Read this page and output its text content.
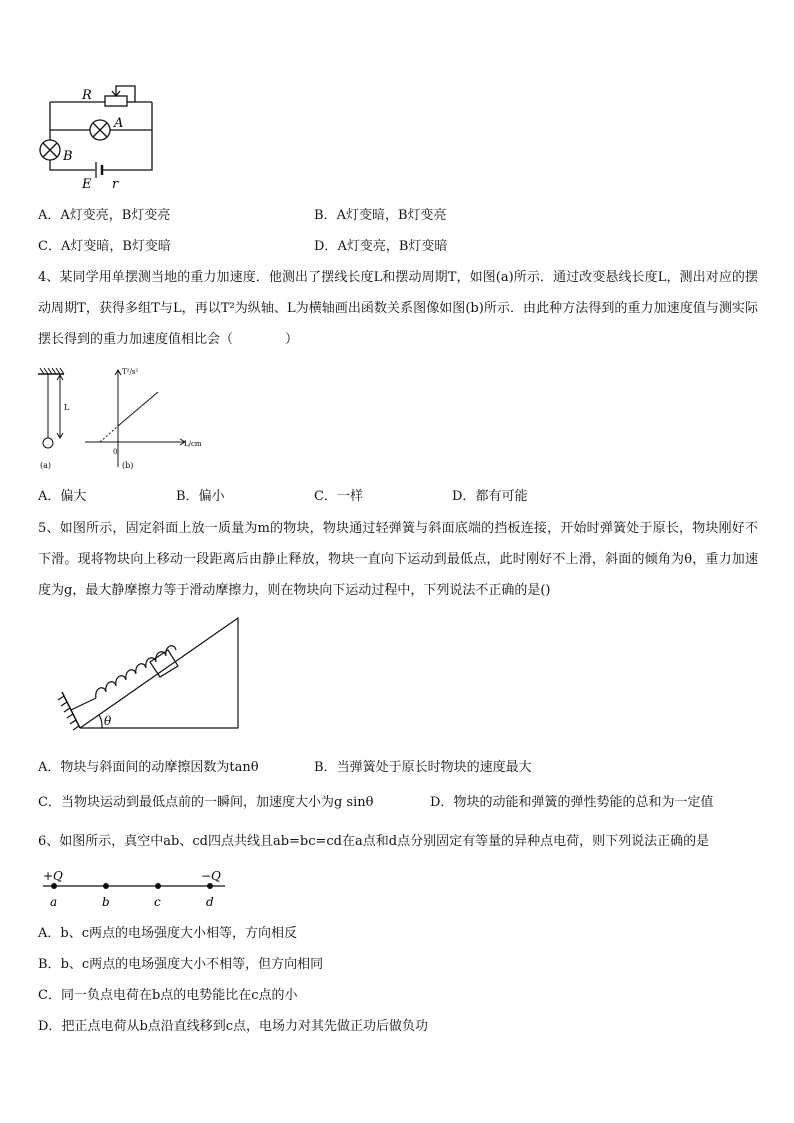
R
A
B
E r
A．A灯变亮，B灯变亮	B．A灯变暗，B灯变亮
C．A灯变暗，B灯变暗	D．A灯变亮，B灯变暗
4、某同学用单摆测当地的重力加速度．他测出了摆线长度L和摆动周期T，如图(a)所示．通过改变悬线长度L，测出对应的摆动周期T，获得多组T与L，再以T²为纵轴、L为横轴画出函数关系图像如图(b)所示．由此种方法得到的重力加速度值与测实际摆长得到的重力加速度值相比会（　　　　）
L
(a)	(b)
T²/s²
L/cm
0
A．偏大	B．偏小	C．一样	D．都有可能
5、如图所示，固定斜面上放一质量为m的物块，物块通过轻弹簧与斜面底端的挡板连接，开始时弹簧处于原长，物块刚好不下滑。现将物块向上移动一段距离后由静止释放，物块一直向下运动到最低点，此时刚好不上滑，斜面的倾角为θ，重力加速度为g，最大静摩擦力等于滑动摩擦力，则在物块向下运动过程中，下列说法不正确的是()
θ
A．物块与斜面间的动摩擦因数为tanθ	B．当弹簧处于原长时物块的速度最大
C．当物块运动到最低点前的一瞬间，加速度大小为g sinθ	D．物块的动能和弹簧的弹性势能的总和为一定值
6、如图所示，真空中ab、cd四点共线且ab=bc=cd在a点和d点分别固定有等量的异种点电荷，则下列说法正确的是
+Q	−Q
a	b	c	d
A．b、c两点的电场强度大小相等，方向相反
B．b、c两点的电场强度大小不相等，但方向相同
C．同一负点电荷在b点的电势能比在c点的小
D．把正点电荷从b点沿直线移到c点，电场力对其先做正功后做负功
